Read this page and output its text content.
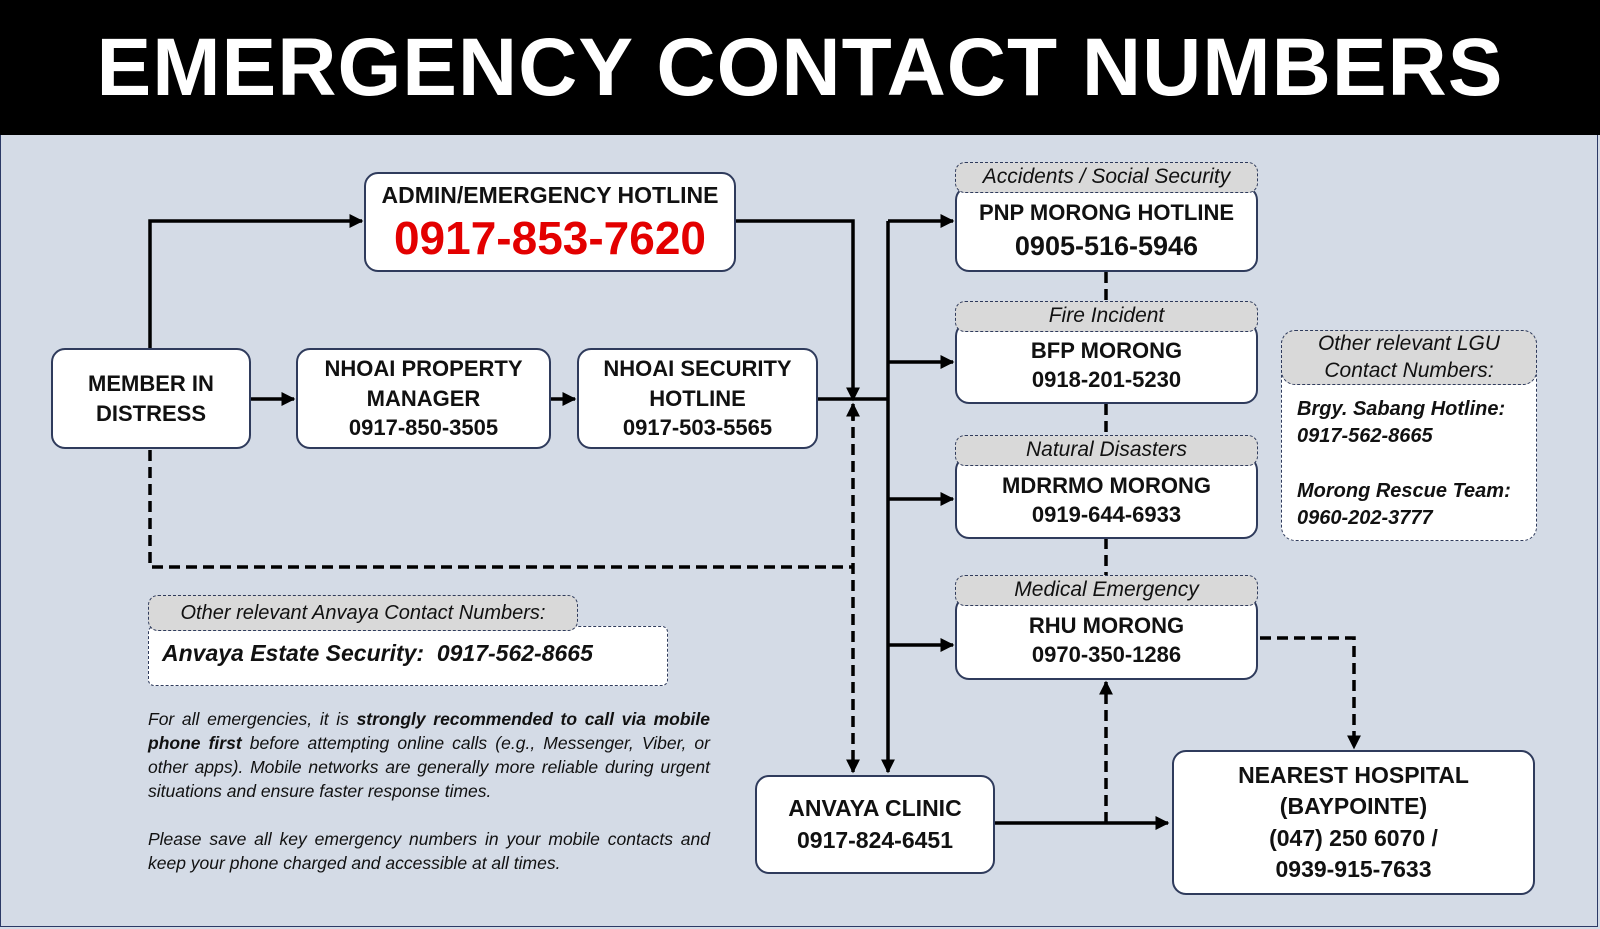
EMERGENCY CONTACT NUMBERS
ADMIN/EMERGENCY HOTLINE
0917-853-7620
MEMBER IN
DISTRESS
NHOAI PROPERTY
MANAGER
0917-850-3505
NHOAI SECURITY
HOTLINE
0917-503-5565
PNP MORONG HOTLINE
0905-516-5946
Accidents / Social Security
BFP MORONG
0918-201-5230
Fire Incident
MDRRMO MORONG
0919-644-6933
Natural Disasters
RHU MORONG
0970-350-1286
Medical Emergency
Other relevant LGU
Contact Numbers:
Brgy. Sabang Hotline:
0917-562-8665
Morong Rescue Team:
0960-202-3777
Other relevant Anvaya Contact Numbers:
Anvaya Estate Security:  0917-562-8665
For all emergencies, it is strongly recommended to call via mobile phone first before attempting online calls (e.g., Messenger, Viber, or other apps). Mobile networks are generally more reliable during urgent situations and ensure faster response times.
Please save all key emergency numbers in your mobile contacts and keep your phone charged and accessible at all times.
ANVAYA CLINIC
0917-824-6451
NEAREST HOSPITAL
(BAYPOINTE)
(047) 250 6070 /
0939-915-7633
